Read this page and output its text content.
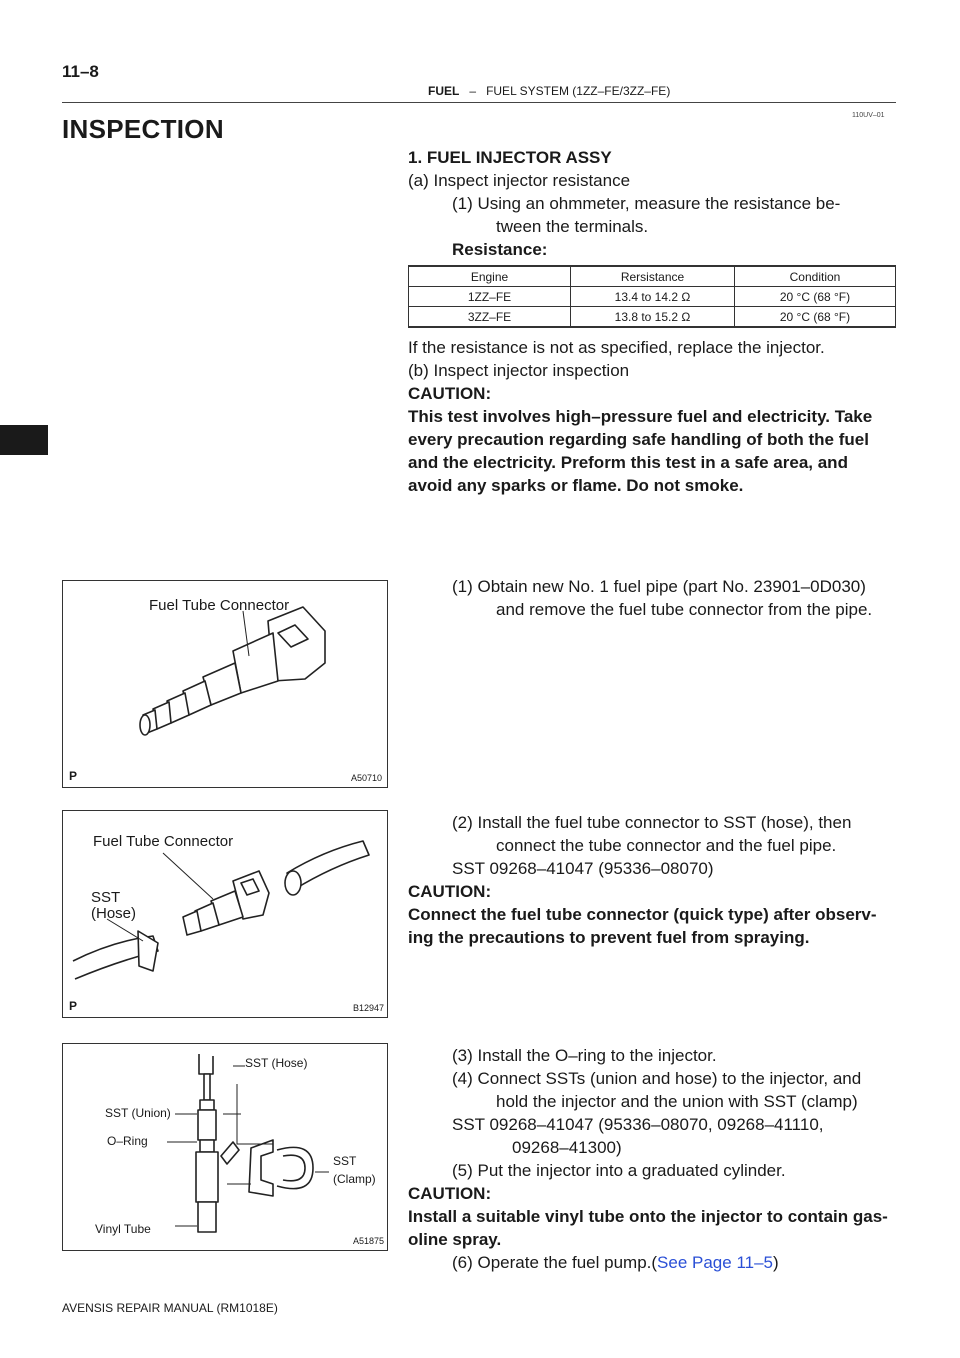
11–8
FUEL – FUEL SYSTEM (1ZZ–FE/3ZZ–FE)
110UV–01
INSPECTION
1. FUEL INJECTOR ASSY
(a) Inspect injector resistance
(1) Using an ohmmeter, measure the resistance be-
tween the terminals.
Resistance:
Engine	Rersistance	Condition
1ZZ–FE	13.4 to 14.2 Ω	20 °C (68 °F)
3ZZ–FE	13.8 to 15.2 Ω	20 °C (68 °F)
If the resistance is not as specified, replace the injector.
(b) Inspect injector inspection
CAUTION:
This test involves high–pressure fuel and electricity. Take
every precaution regarding safe handling of both the fuel
and the electricity. Preform this test in a safe area, and
avoid any sparks or flame. Do not smoke.
Fuel Tube Connector
P	A50710
(1) Obtain new No. 1 fuel pipe (part No. 23901–0D030)
and remove the fuel tube connector from the pipe.
Fuel Tube Connector
SST
(Hose)
P	B12947
(2) Install the fuel tube connector to SST (hose), then
connect the tube connector and the fuel pipe.
SST 09268–41047 (95336–08070)
CAUTION:
Connect the fuel tube connector (quick type) after observ-
ing the precautions to prevent fuel from spraying.
SST (Hose)
SST (Union)
O–Ring
SST
(Clamp)
Vinyl Tube
A51875
(3) Install the O–ring to the injector.
(4) Connect SSTs (union and hose) to the injector, and
hold the injector and the union with SST (clamp)
SST 09268–41047 (95336–08070, 09268–41110,
09268–41300)
(5) Put the injector into a graduated cylinder.
CAUTION:
Install a suitable vinyl tube onto the injector to contain gas-
oline spray.
(6) Operate the fuel pump.(See Page 11–5)
AVENSIS REPAIR MANUAL (RM1018E)
